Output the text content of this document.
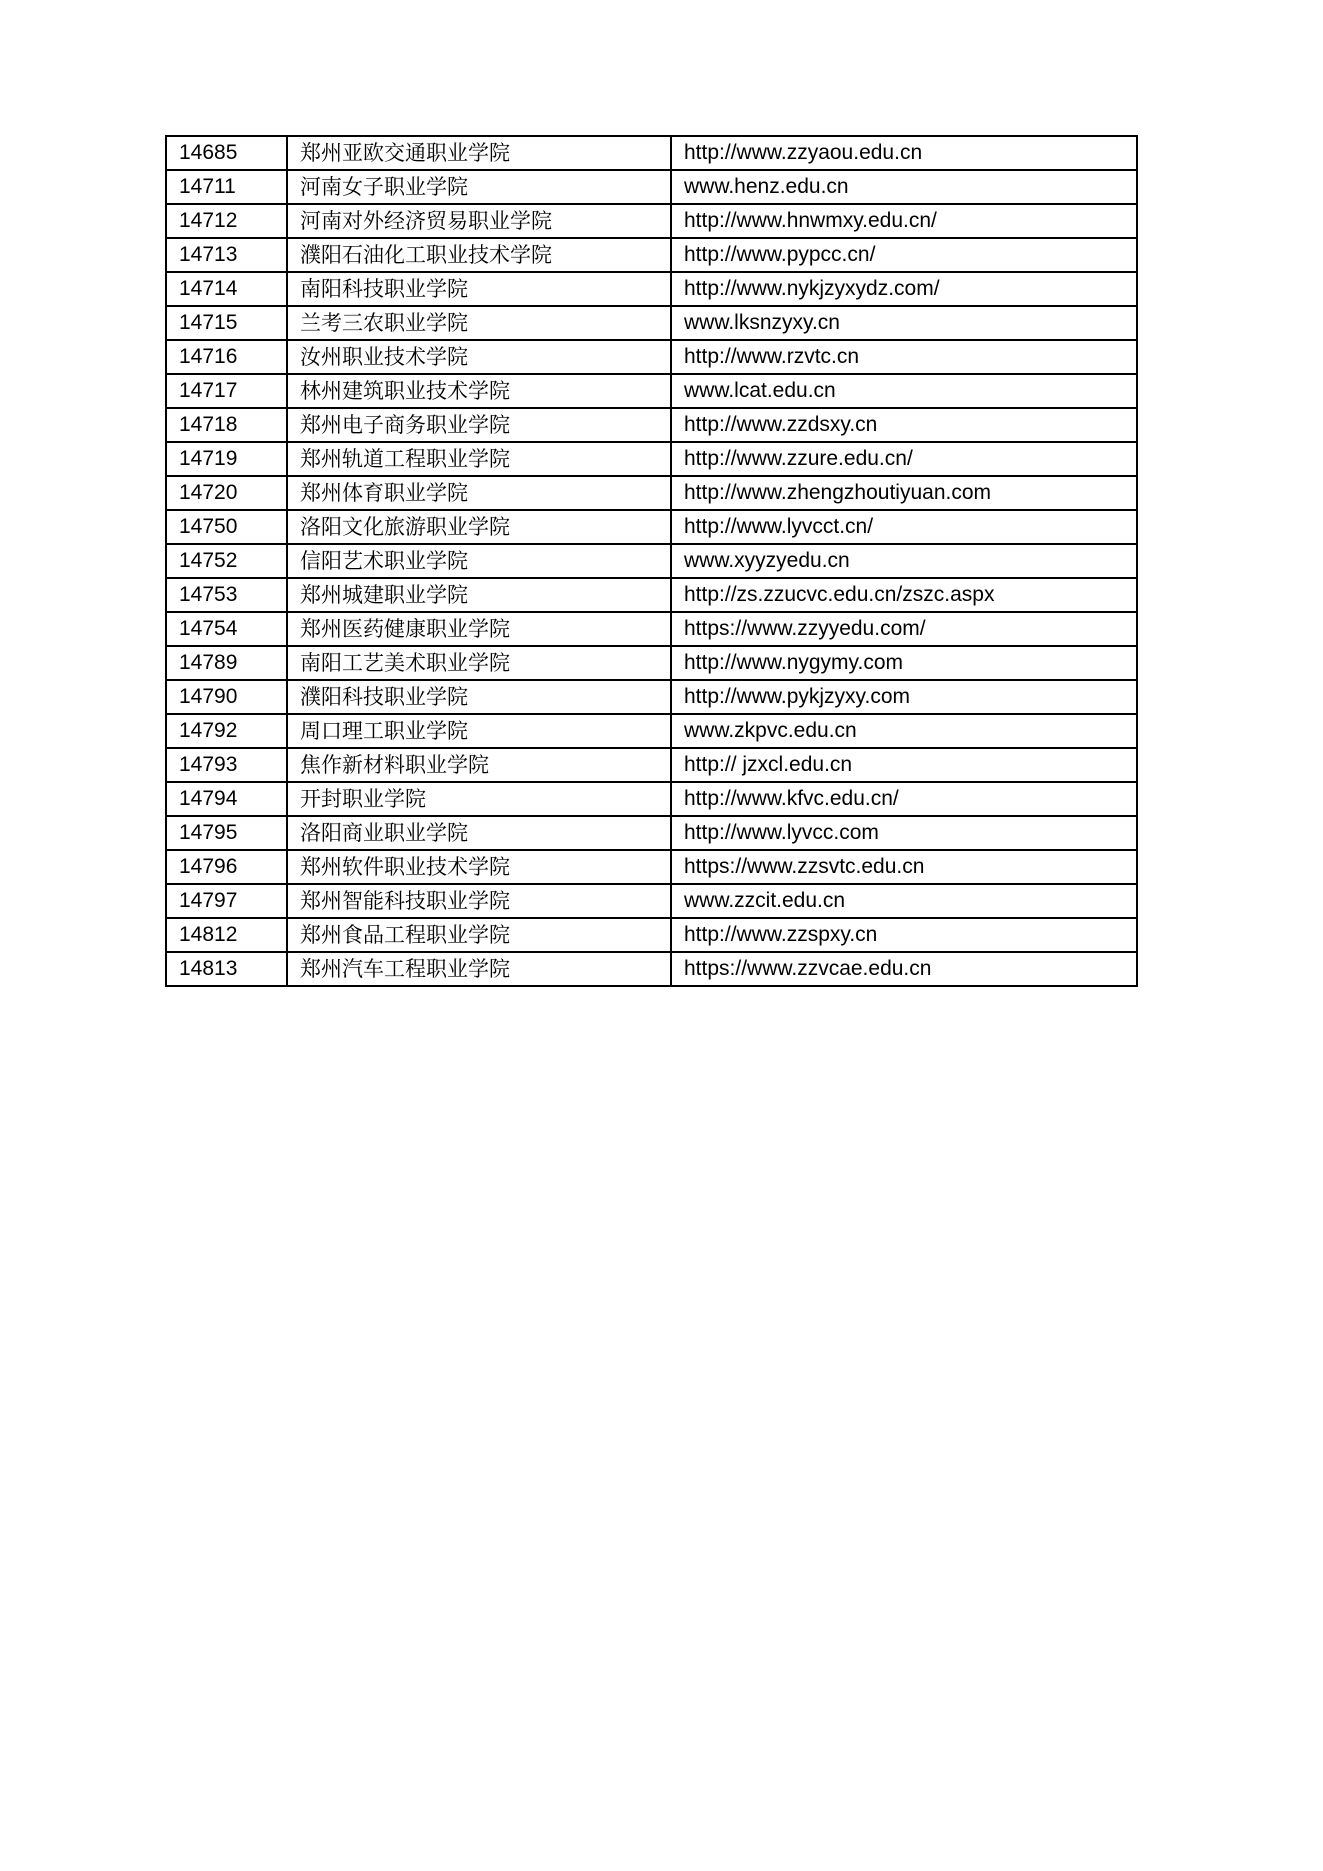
14685	郑州亚欧交通职业学院	http://www.zzyaou.edu.cn
14711	河南女子职业学院	www.henz.edu.cn
14712	河南对外经济贸易职业学院	http://www.hnwmxy.edu.cn/
14713	濮阳石油化工职业技术学院	http://www.pypcc.cn/
14714	南阳科技职业学院	http://www.nykjzyxydz.com/
14715	兰考三农职业学院	www.lksnzyxy.cn
14716	汝州职业技术学院	http://www.rzvtc.cn
14717	林州建筑职业技术学院	www.lcat.edu.cn
14718	郑州电子商务职业学院	http://www.zzdsxy.cn
14719	郑州轨道工程职业学院	http://www.zzure.edu.cn/
14720	郑州体育职业学院	http://www.zhengzhoutiyuan.com
14750	洛阳文化旅游职业学院	http://www.lyvcct.cn/
14752	信阳艺术职业学院	www.xyyzyedu.cn
14753	郑州城建职业学院	http://zs.zzucvc.edu.cn/zszc.aspx
14754	郑州医药健康职业学院	https://www.zzyyedu.com/
14789	南阳工艺美术职业学院	http://www.nygymy.com
14790	濮阳科技职业学院	http://www.pykjzyxy.com
14792	周口理工职业学院	www.zkpvc.edu.cn
14793	焦作新材料职业学院	http:// jzxcl.edu.cn
14794	开封职业学院	http://www.kfvc.edu.cn/
14795	洛阳商业职业学院	http://www.lyvcc.com
14796	郑州软件职业技术学院	https://www.zzsvtc.edu.cn
14797	郑州智能科技职业学院	www.zzcit.edu.cn
14812	郑州食品工程职业学院	http://www.zzspxy.cn
14813	郑州汽车工程职业学院	https://www.zzvcae.edu.cn
